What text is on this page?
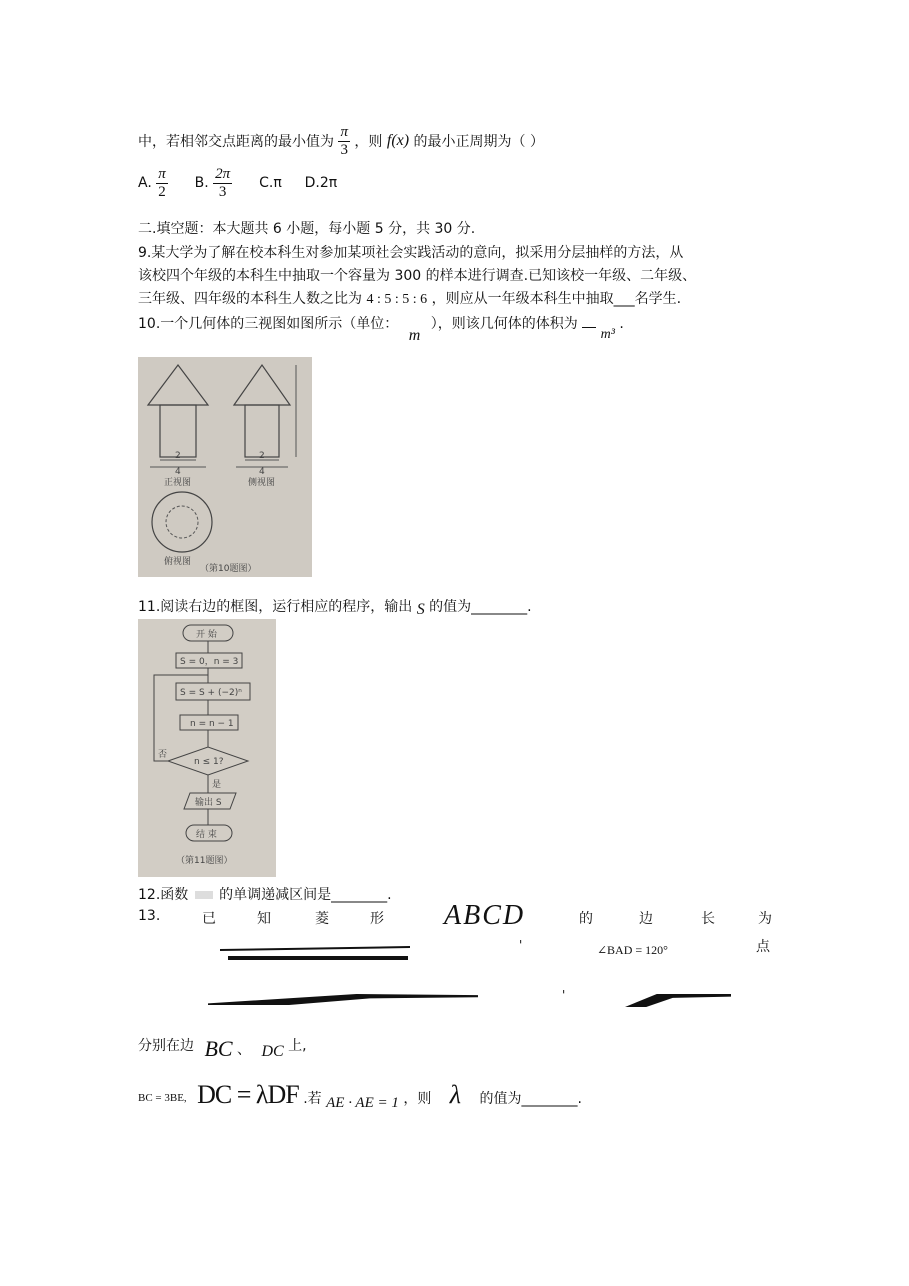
中，若相邻交点距离的最小值为 $\frac{\pi}{3}$ ，则 f(x) 的最小正周期为（ ）
A. $\frac{\pi}{2} B$. $\frac{2\pi}{3} C.\pi$ D.2π
二.填空题：本大题共 6 小题，每小题 5 分，共 30 分.
9.某大学为了解在校本科生对参加某项社会实践活动的意向，拟采用分层抽样的方法，从
该校四个年级的本科生中抽取一个容量为 300 的样本进行调查.已知该校一年级、二年级、
三年级、四年级的本科生人数之比为 4 : 5 : 5 : 6 ，则应从一年级本科生中抽取___名学生.
10.一个几何体的三视图如图所示（单位： m ），则该几何体的体积为  m³ .
2
4
正视图
2
4
侧视图
俯视图
（第10题图）
11.阅读右边的框图，运行相应的程序，输出 S 的值为________.
开 始
S = 0，n = 3
S = S + (−2)ⁿ
n = n − 1
n ≤ 1?
否
是
输出 S
结 束
（第11题图）
12.函数 的单调递减区间是________.
13.	已	知	菱	形 ABCD	的	边	长	为
'	∠BAD = 120°	点
'
分别在边 BC 、 DC 上,
BC = 3BE, DC = λDF .若 AE · AE = 1 ，则 λ 的值为________.
